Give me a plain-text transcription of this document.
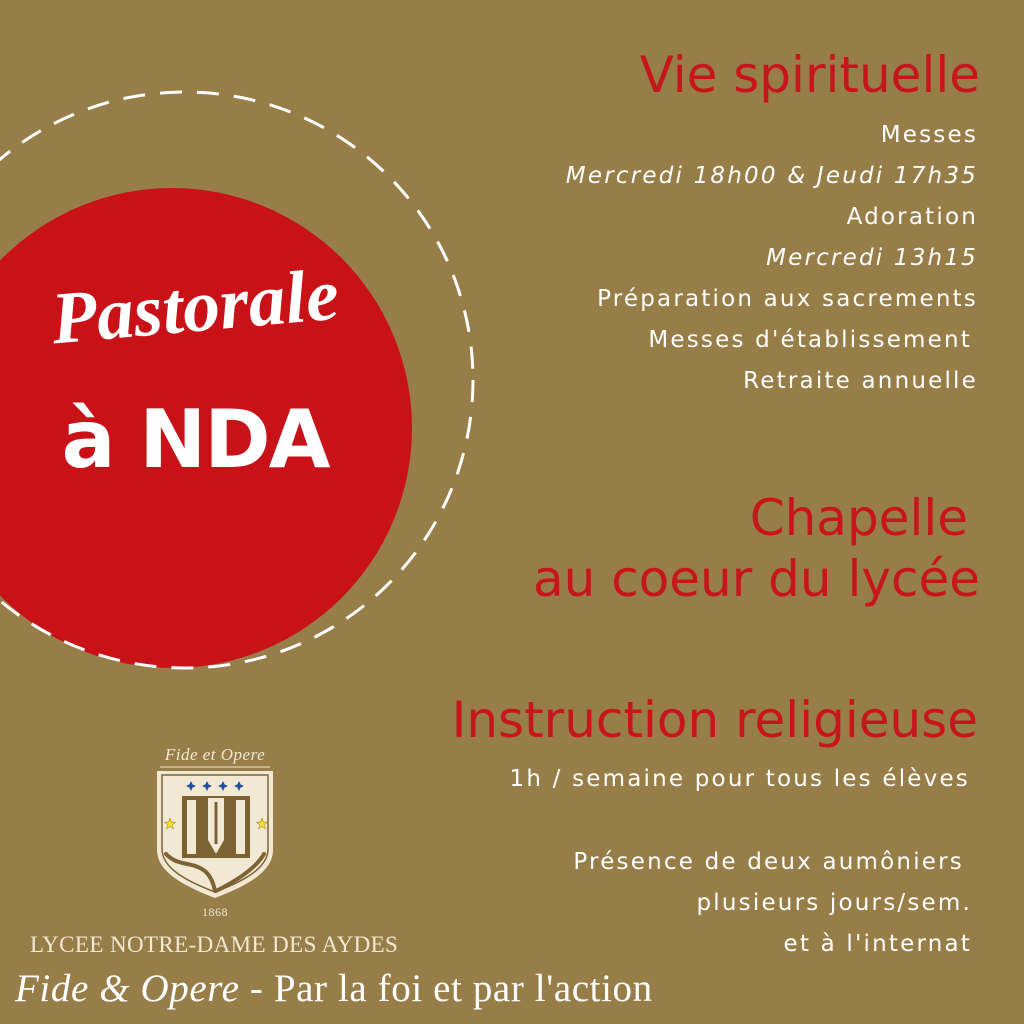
Pastorale
à NDA
Vie spirituelle
Messes
Mercredi 18h00 & Jeudi 17h35
Adoration
Mercredi 13h15
Préparation aux sacrements
Messes d'établissement
Retraite annuelle
Chapelle
au coeur du lycée
Instruction religieuse
1h / semaine pour tous les élèves
Présence de deux aumôniers
plusieurs jours/sem.
et à l'internat
Fide et Opere
1868
LYCEE NOTRE-DAME DES AYDES
Fide & Opere - Par la foi et par l'action
